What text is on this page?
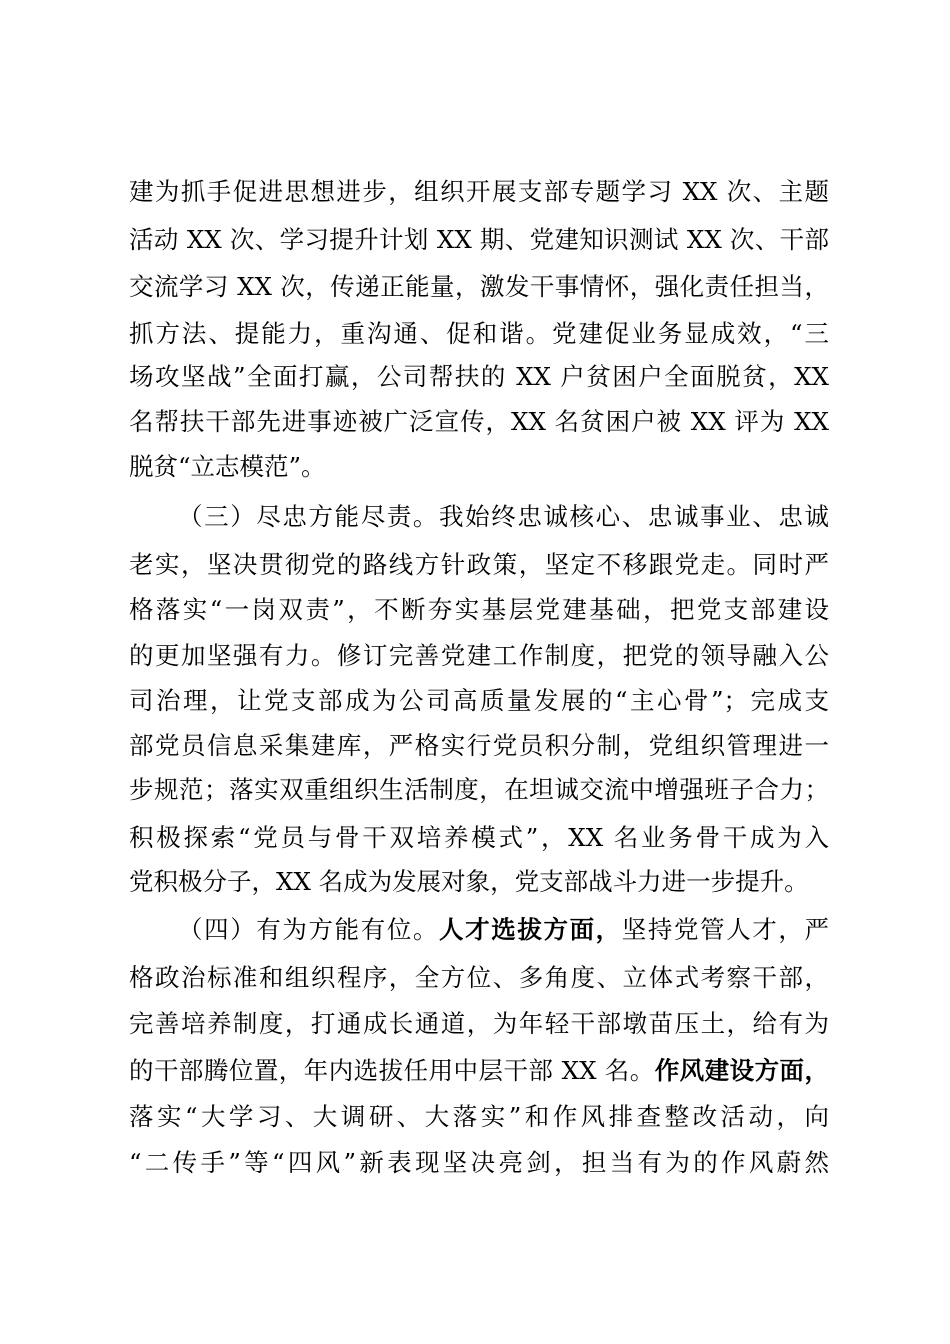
建为抓手促进思想进步，组织开展支部专题学习 XX 次、主题

活动 XX 次、学习提升计划 XX 期、党建知识测试 XX 次、干部

交流学习 XX 次，传递正能量，激发干事情怀，强化责任担当，

抓方法、提能力，重沟通、促和谐。党建促业务显成效，“三

场攻坚战”全面打赢，公司帮扶的 XX 户贫困户全面脱贫，XX

名帮扶干部先进事迹被广泛宣传，XX 名贫困户被 XX 评为 XX

脱贫“立志模范”。

（三）尽忠方能尽责。我始终忠诚核心、忠诚事业、忠诚

老实，坚决贯彻党的路线方针政策，坚定不移跟党走。同时严

格落实“一岗双责”，不断夯实基层党建基础，把党支部建设

的更加坚强有力。修订完善党建工作制度，把党的领导融入公

司治理，让党支部成为公司高质量发展的“主心骨”；完成支

部党员信息采集建库，严格实行党员积分制，党组织管理进一

步规范；落实双重组织生活制度，在坦诚交流中增强班子合力；

积极探索“党员与骨干双培养模式”，XX 名业务骨干成为入

党积极分子，XX 名成为发展对象，党支部战斗力进一步提升。

（四）有为方能有位。人才选拔方面，坚持党管人才，严

格政治标准和组织程序，全方位、多角度、立体式考察干部，

完善培养制度，打通成长通道，为年轻干部墩苗压土，给有为

的干部腾位置，年内选拔任用中层干部 XX 名。作风建设方面，

落实“大学习、大调研、大落实”和作风排查整改活动，向

“二传手”等“四风”新表现坚决亮剑，担当有为的作风蔚然
